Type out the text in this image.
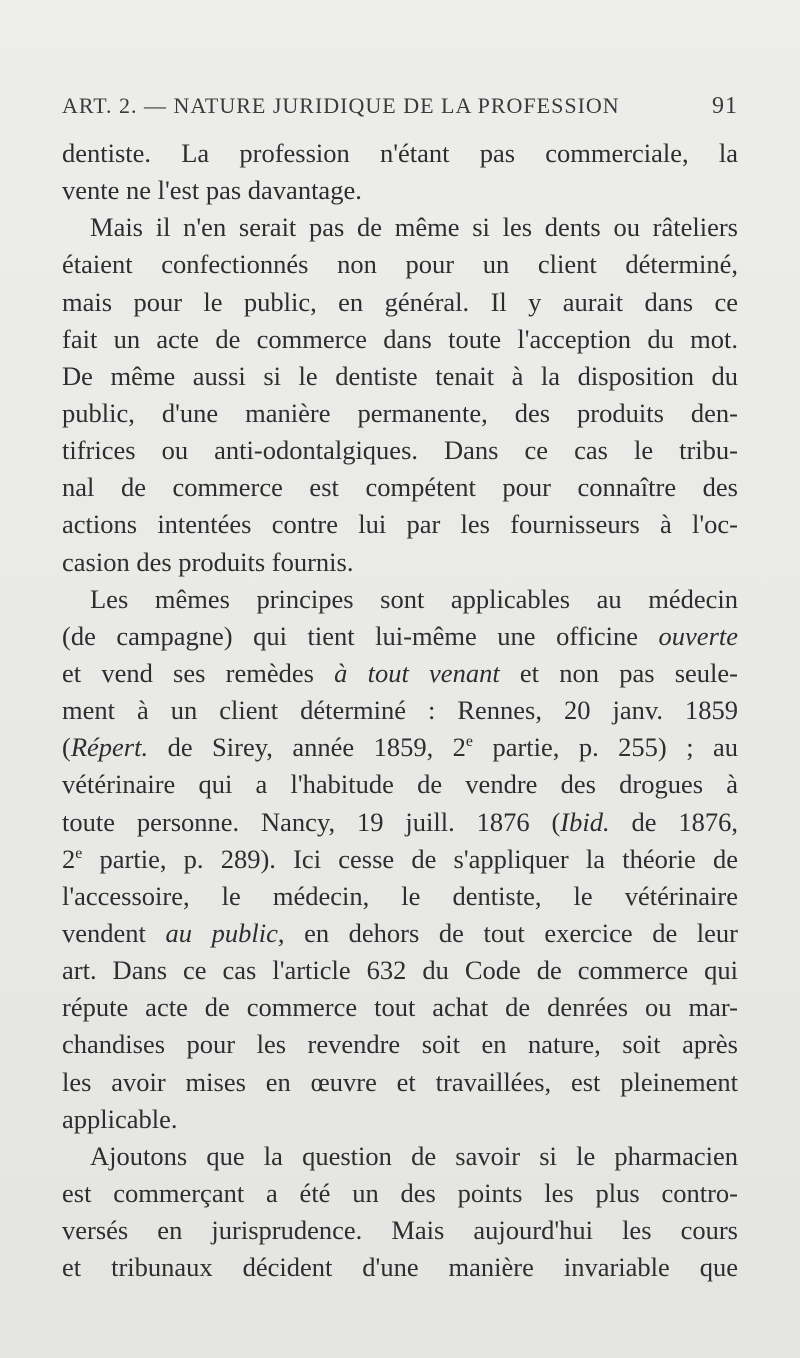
ART. 2. — NATURE JURIDIQUE DE LA PROFESSION	91
dentiste. La profession n'étant pas commerciale, la
vente ne l'est pas davantage.
Mais il n'en serait pas de même si les dents ou râteliers
étaient confectionnés non pour un client déterminé,
mais pour le public, en général. Il y aurait dans ce
fait un acte de commerce dans toute l'acception du mot.
De même aussi si le dentiste tenait à la disposition du
public, d'une manière permanente, des produits den-
tifrices ou anti-odontalgiques. Dans ce cas le tribu-
nal de commerce est compétent pour connaître des
actions intentées contre lui par les fournisseurs à l'oc-
casion des produits fournis.
Les mêmes principes sont applicables au médecin
(de campagne) qui tient lui-même une officine ouverte
et vend ses remèdes à tout venant et non pas seule-
ment à un client déterminé : Rennes, 20 janv. 1859
(Répert. de Sirey, année 1859, 2e partie, p. 255) ; au
vétérinaire qui a l'habitude de vendre des drogues à
toute personne. Nancy, 19 juill. 1876 (Ibid. de 1876,
2e partie, p. 289). Ici cesse de s'appliquer la théorie de
l'accessoire, le médecin, le dentiste, le vétérinaire
vendent au public, en dehors de tout exercice de leur
art. Dans ce cas l'article 632 du Code de commerce qui
répute acte de commerce tout achat de denrées ou mar-
chandises pour les revendre soit en nature, soit après
les avoir mises en œuvre et travaillées, est pleinement
applicable.
Ajoutons que la question de savoir si le pharmacien
est commerçant a été un des points les plus contro-
versés en jurisprudence. Mais aujourd'hui les cours
et tribunaux décident d'une manière invariable que
